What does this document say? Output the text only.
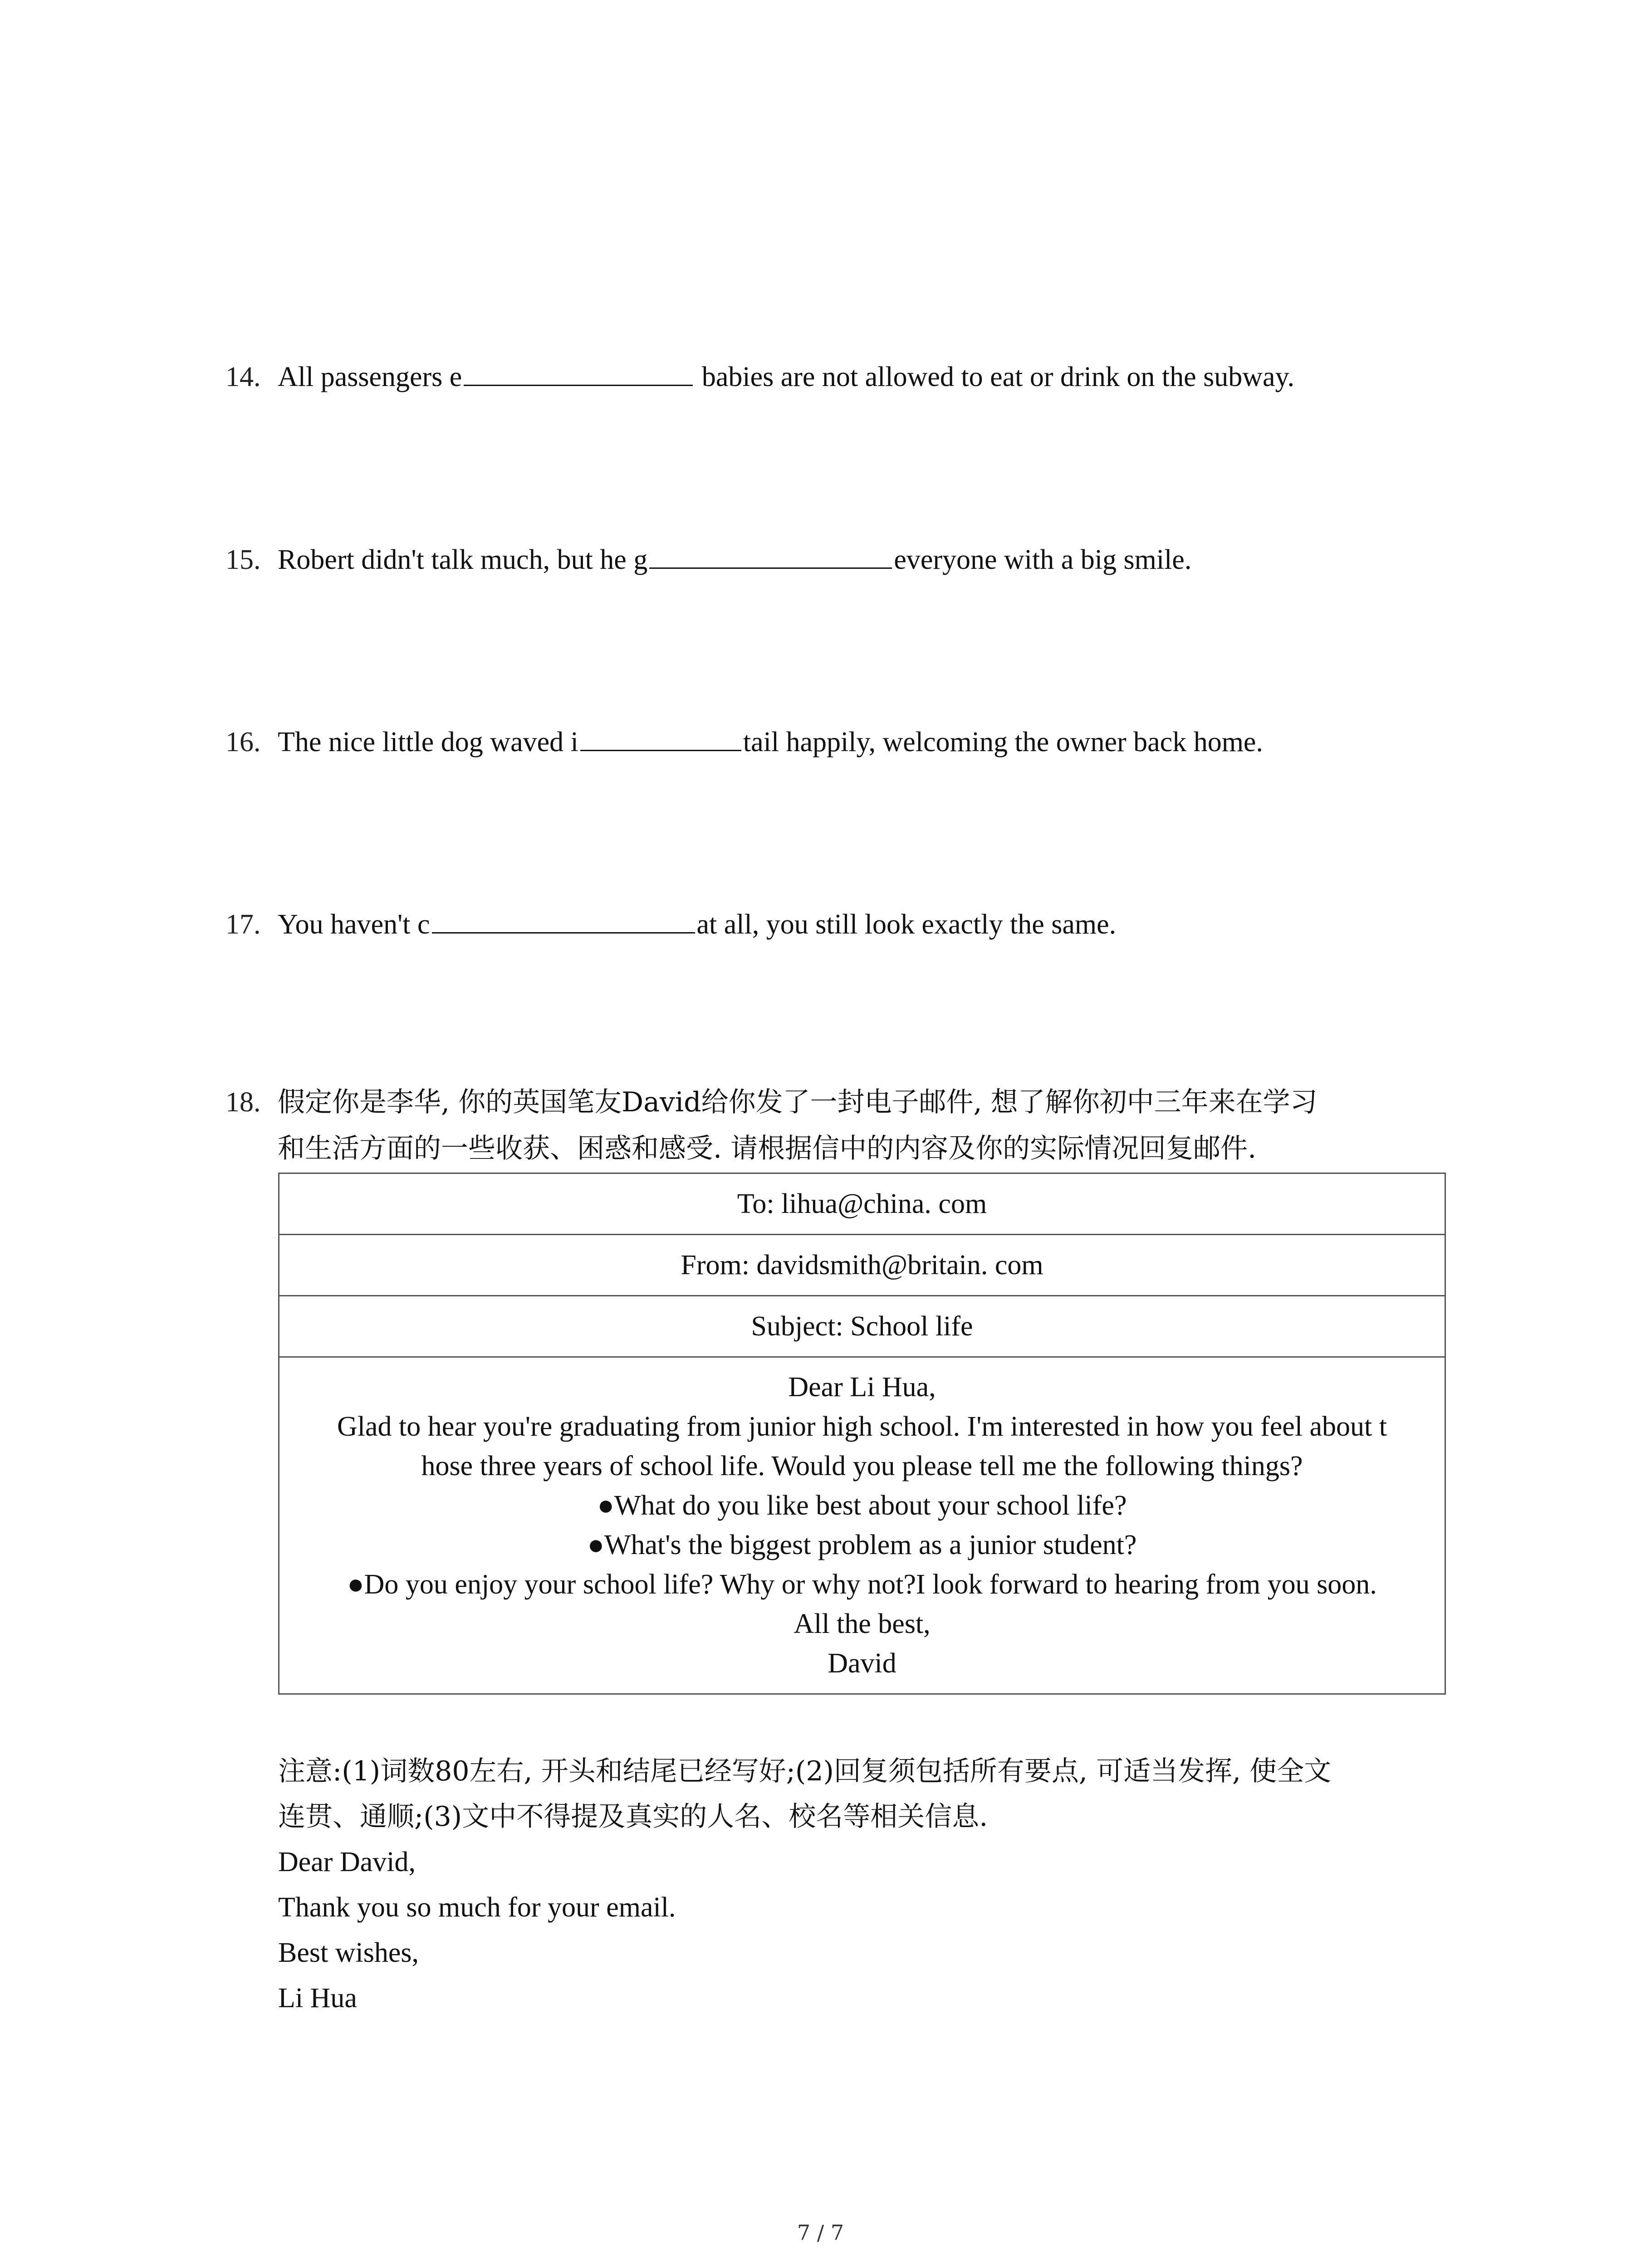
14. All passengers e	babies are not allowed to eat or drink on the subway.
15. Robert didn't talk much, but he g	everyone with a big smile.
16. The nice little dog waved i	tail happily, welcoming the owner back home.
17. You haven't c	at all, you still look exactly the same.
18. 假定你是李华, 你的英国笔友David给你发了一封电子邮件, 想了解你初中三年来在学习
和生活方面的一些收获、困惑和感受. 请根据信中的内容及你的实际情况回复邮件.
To: lihua@china. com
From: davidsmith@britain. com
Subject: School life

Dear Li Hua,
Glad to hear you're graduating from junior high school. I'm interested in how you feel about t
hose three years of school life. Would you please tell me the following things?
●What do you like best about your school life?
●What's the biggest problem as a junior student?
●Do you enjoy your school life? Why or why not?I look forward to hearing from you soon.
All the best,
David
注意:(1)词数80左右, 开头和结尾已经写好;(2)回复须包括所有要点, 可适当发挥, 使全文
连贯、通顺;(3)文中不得提及真实的人名、校名等相关信息.
Dear David,
Thank you so much for your email.
Best wishes,
Li Hua
7 / 7
